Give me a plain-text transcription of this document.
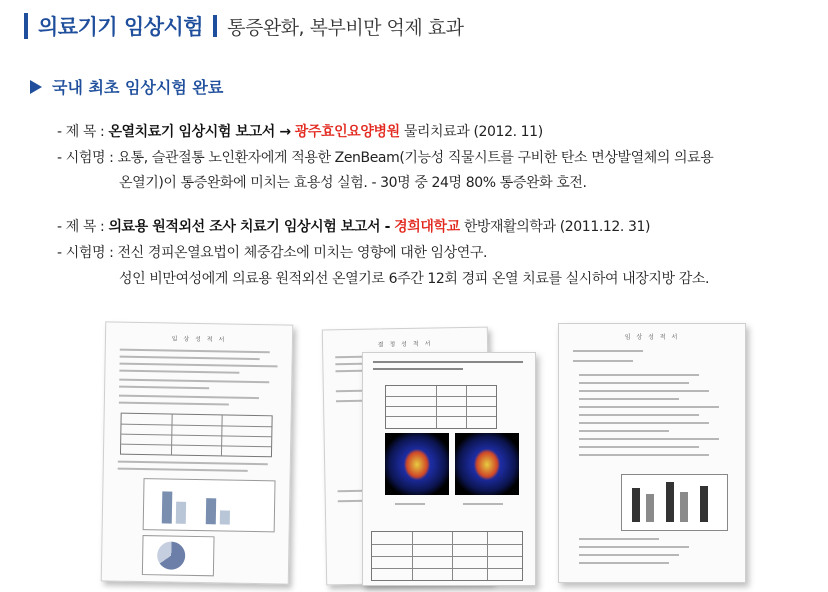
의료기기 임상시험 통증완화, 복부비만 억제 효과
국내 최초 임상시험 완료
- 제 목 : 온열치료기 임상시험 보고서 → 광주효인요양병원 물리치료과 (2012. 11)
- 시험명 : 요통, 슬관절통 노인환자에게 적용한 ZenBeam(기능성 직물시트를 구비한 탄소 면상발열체의 의료용
온열기)이 통증완화에 미치는 효용성 실험. - 30명 중 24명 80% 통증완화 호전.
- 제 목 : 의료용 원적외선 조사 치료기 임상시험 보고서 - 경희대학교 한방재활의학과 (2011.12. 31)
- 시험명 : 전신 경피온열요법이 체중감소에 미치는 영향에 대한 임상연구.
성인 비만여성에게 의료용 원적외선 온열기로 6주간 12회 경피 온열 치료를 실시하여 내장지방 감소.
임 상 성 적 서
결 정 성 적 서
임 상 성 적 서
